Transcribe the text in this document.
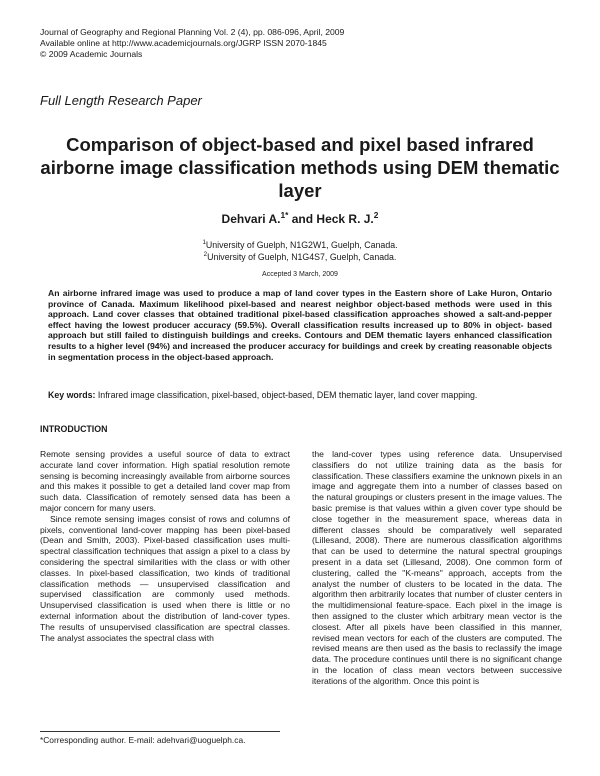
Journal of Geography and Regional Planning Vol. 2 (4), pp. 086-096, April, 2009
Available online at http://www.academicjournals.org/JGRP ISSN 2070-1845
© 2009 Academic Journals
Full Length Research Paper
Comparison of object-based and pixel based infrared airborne image classification methods using DEM thematic layer
Dehvari A.$^{1*}$ and Heck R. J.$^2$
$^1$University of Guelph, N1G2W1, Guelph, Canada.
$^2$University of Guelph, N1G4S7, Guelph, Canada.
Accepted 3 March, 2009
An airborne infrared image was used to produce a map of land cover types in the Eastern shore of Lake Huron, Ontario province of Canada. Maximum likelihood pixel-based and nearest neighbor object-based methods were used in this approach. Land cover classes that obtained traditional pixel-based classification approaches showed a salt-and-pepper effect having the lowest producer accuracy (59.5%). Overall classification results increased up to 80% in object- based approach but still failed to distinguish buildings and creeks. Contours and DEM thematic layers enhanced classification results to a higher level (94%) and increased the producer accuracy for buildings and creek by creating reasonable objects in segmentation process in the object-based approach.
Key words: Infrared image classification, pixel-based, object-based, DEM thematic layer, land cover mapping.
INTRODUCTION

Remote sensing provides a useful source of data to extract accurate land cover information. High spatial resolution remote sensing is becoming increasingly available from airborne sources and this makes it possible to get a detailed land cover map from such data. Classification of remotely sensed data has been a major concern for many users.

Since remote sensing images consist of rows and columns of pixels, conventional land-cover mapping has been pixel-based (Dean and Smith, 2003). Pixel-based classification uses multi-spectral classification techniques that assign a pixel to a class by considering the spectral similarities with the class or with other classes. In pixel-based classification, two kinds of traditional classification methods — unsupervised classification and supervised classification are commonly used methods. Unsupervised classification is used when there is little or no external information about the distribution of land-cover types. The results of unsupervised classification are spectral classes. The analyst associates the spectral class with

the land-cover types using reference data. Unsupervised classifiers do not utilize training data as the basis for classification. These classifiers examine the unknown pixels in an image and aggregate them into a number of classes based on the natural groupings or clusters present in the image values. The basic premise is that values within a given cover type should be close together in the measurement space, whereas data in different classes should be comparatively well separated (Lillesand, 2008). There are numerous classification algorithms that can be used to determine the natural spectral groupings present in a data set (Lillesand, 2008). One common form of clustering, called the "K-means" approach, accepts from the analyst the number of clusters to be located in the data. The algorithm then arbitrarily locates that number of cluster centers in the multidimensional feature-space. Each pixel in the image is then assigned to the cluster which arbitrary mean vector is the closest. After all pixels have been classified in this manner, revised mean vectors for each of the clusters are computed. The revised means are then used as the basis to reclassify the image data. The procedure continues until there is no significant change in the location of class mean vectors between successive iterations of the algorithm. Once this point is

*Corresponding author. E-mail: adehvari@uoguelph.ca.
